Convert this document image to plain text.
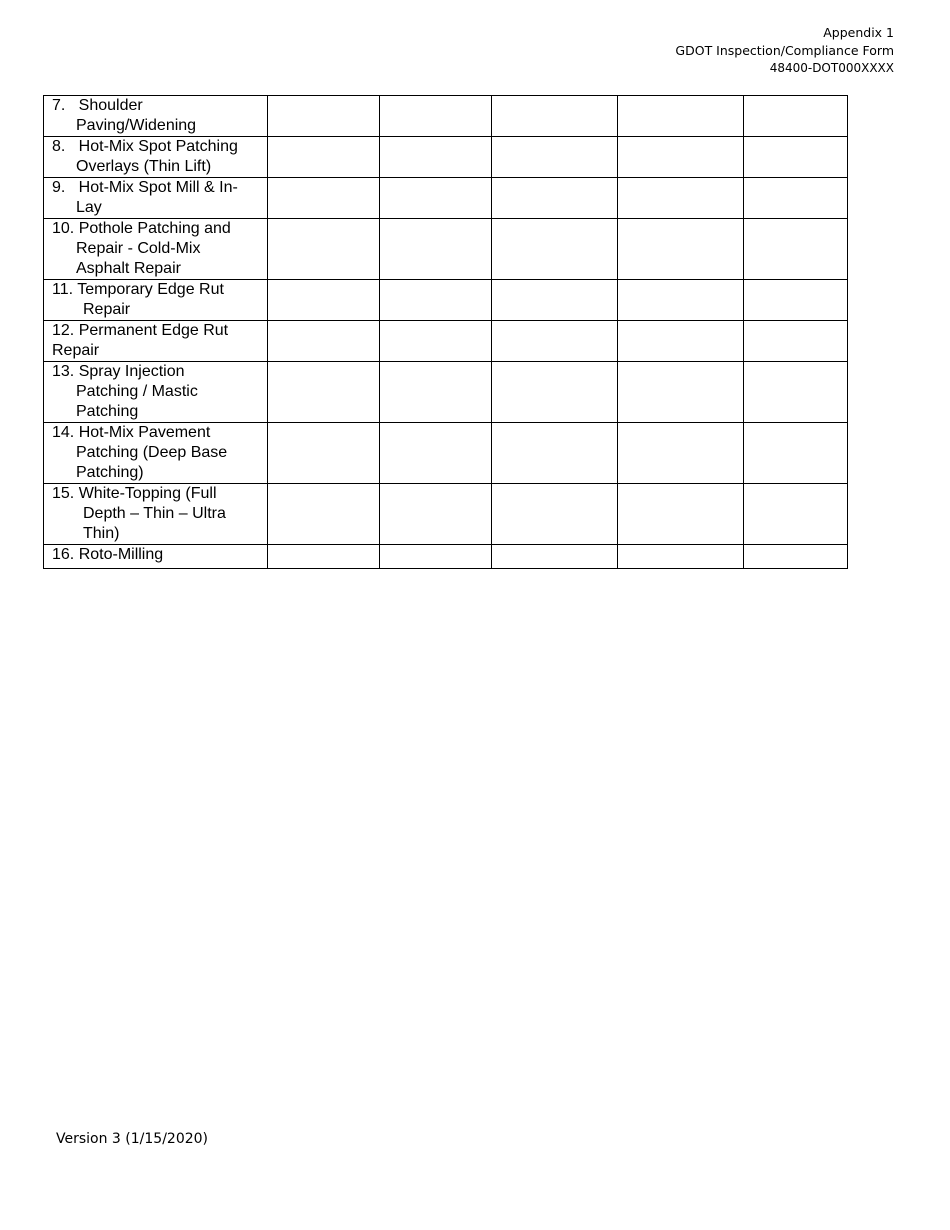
Appendix 1
GDOT Inspection/Compliance Form
48400-DOT000XXXX
7.   Shoulder
Paving/Widening					

8.   Hot-Mix Spot Patching
Overlays (Thin Lift)					

9.   Hot-Mix Spot Mill & In-
Lay					

10. Pothole Patching and
Repair - Cold-Mix
Asphalt Repair					

11. Temporary Edge Rut
Repair					

12. Permanent Edge Rut
Repair					

13. Spray Injection
Patching / Mastic
Patching					

14. Hot-Mix Pavement
Patching (Deep Base
Patching)					

15. White-Topping (Full
Depth – Thin – Ultra
Thin)					

16. Roto-Milling					

Version 3 (1/15/2020)
